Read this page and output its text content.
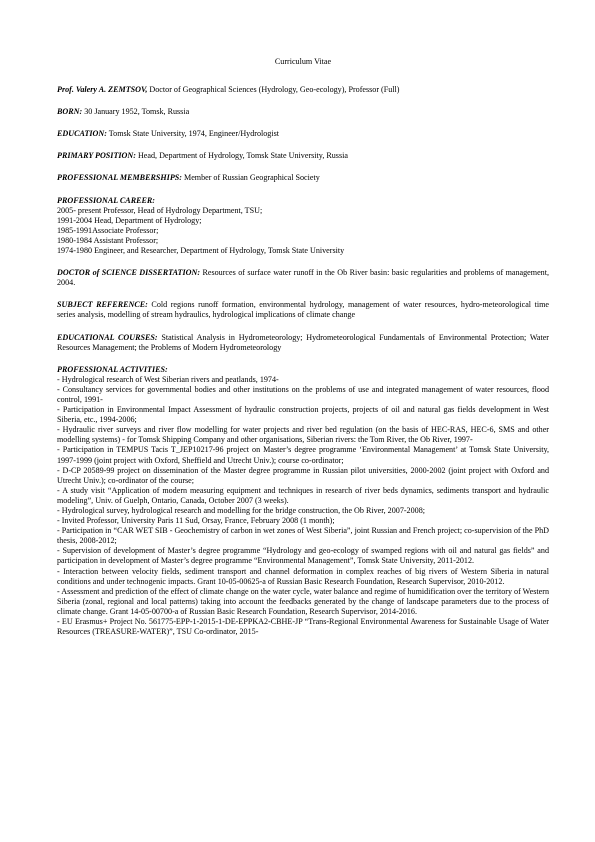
Curriculum Vitae

Prof. Valery A. ZEMTSOV, Doctor of Geographical Sciences (Hydrology, Geo-ecology), Professor (Full)

BORN: 30 January 1952, Tomsk, Russia

EDUCATION: Tomsk State University, 1974, Engineer/Hydrologist

PRIMARY POSITION: Head, Department of Hydrology, Tomsk State University, Russia

PROFESSIONAL MEMBERSHIPS: Member of Russian Geographical Society

PROFESSIONAL CAREER:

2005- present Professor, Head of Hydrology Department, TSU;

1991-2004 Head, Department of Hydrology;

1985-1991Associate Professor;

1980-1984 Assistant Professor;

1974-1980 Engineer, and Researcher, Department of Hydrology, Tomsk State University

DOCTOR of SCIENCE DISSERTATION: Resources of surface water runoff in the Ob River basin: basic regularities and problems of management, 2004.

SUBJECT REFERENCE: Cold regions runoff formation, environmental hydrology, management of water resources, hydro-meteorological time series analysis, modelling of stream hydraulics, hydrological implications of climate change

EDUCATIONAL COURSES: Statistical Analysis in Hydrometeorology; Hydrometeorological Fundamentals of Environmental Protection; Water Resources Management; the Problems of Modern Hydrometeorology

PROFESSIONAL ACTIVITIES:

- Hydrological research of West Siberian rivers and peatlands, 1974-

- Consultancy services for governmental bodies and other institutions on the problems of use and integrated management of water resources, flood control, 1991-

- Participation in Environmental Impact Assessment of hydraulic construction projects, projects of oil and natural gas fields development in West Siberia, etc., 1994-2006;

- Hydraulic river surveys and river flow modelling for water projects and river bed regulation (on the basis of HEC-RAS, HEC-6, SMS and other modelling systems) - for Tomsk Shipping Company and other organisations, Siberian rivers: the Tom River, the Ob River, 1997-

- Participation in TEMPUS Tacis T_JEP10217-96 project on Master’s degree programme ‘Environmental Management’ at Tomsk State University, 1997-1999 (joint project with Oxford, Sheffield and Utrecht Univ.); course co-ordinator;

- D-CP 20589-99 project on dissemination of the Master degree programme in Russian pilot universities, 2000-2002 (joint project with Oxford and Utrecht Univ.); co-ordinator of the course;

- A study visit “Application of modern measuring equipment and techniques in research of river beds dynamics, sediments transport and hydraulic modeling”, Univ. of Guelph, Ontario, Canada, October 2007 (3 weeks).

- Hydrological survey, hydrological research and modelling for the bridge construction, the Ob River, 2007-2008;

- Invited Professor, University Paris 11 Sud, Orsay, France, February 2008 (1 month);

- Participation in “CAR WET SIB - Geochemistry of carbon in wet zones of West Siberia”, joint Russian and French project; co-supervision of the PhD thesis, 2008-2012;

- Supervision of development of Master’s degree programme “Hydrology and geo-ecology of swamped regions with oil and natural gas fields” and participation in development of Master’s degree programme “Environmental Management”, Tomsk State University, 2011-2012.

- Interaction between velocity fields, sediment transport and channel deformation in complex reaches of big rivers of Western Siberia in natural conditions and under technogenic impacts. Grant 10-05-00625-a of Russian Basic Research Foundation, Research Supervisor, 2010-2012.

- Assessment and prediction of the effect of climate change on the water cycle, water balance and regime of humidification over the territory of Western Siberia (zonal, regional and local patterns) taking into account the feedbacks generated by the change of landscape parameters due to the process of climate change. Grant 14-05-00700-a of Russian Basic Research Foundation, Research Supervisor, 2014-2016.

- EU Erasmus+ Project No. 561775-EPP-1-2015-1-DE-EPPKA2-CBHE-JP “Trans-Regional Environmental Awareness for Sustainable Usage of Water Resources (TREASURE-WATER)”, TSU Co-ordinator, 2015-
